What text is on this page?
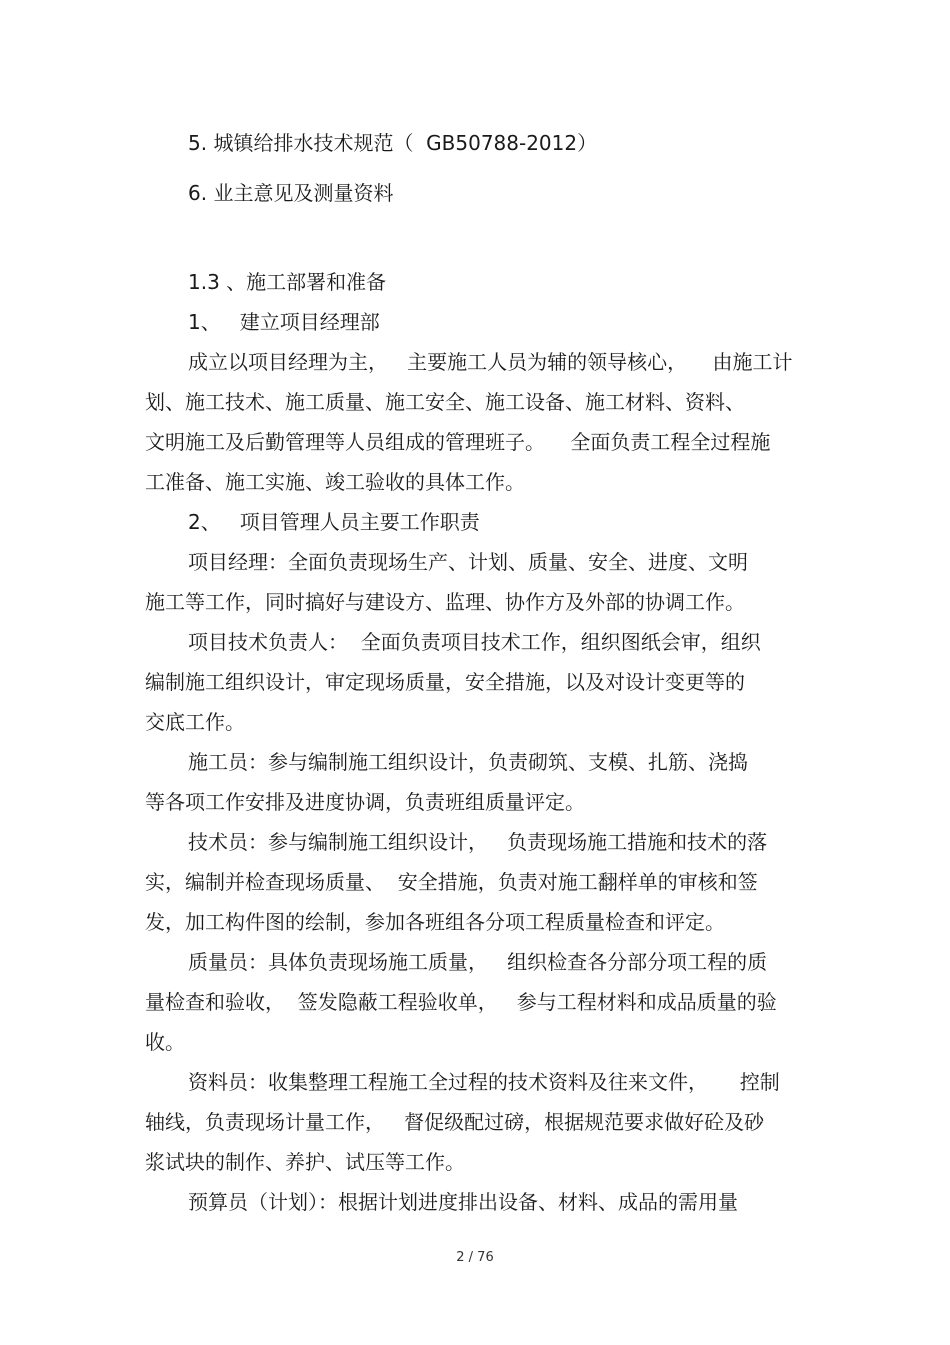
5. 城镇给排水技术规范（  GB50788-2012）
6. 业主意见及测量资料
1.3 、施工部署和准备
1、   建立项目经理部
成立以项目经理为主，   主要施工人员为辅的领导核心，    由施工计
划、施工技术、施工质量、施工安全、施工设备、施工材料、资料、
文明施工及后勤管理等人员组成的管理班子。    全面负责工程全过程施
工准备、施工实施、竣工验收的具体工作。
2、   项目管理人员主要工作职责
项目经理：全面负责现场生产、计划、质量、安全、进度、文明
施工等工作，同时搞好与建设方、监理、协作方及外部的协调工作。
项目技术负责人：  全面负责项目技术工作，组织图纸会审，组织
编制施工组织设计，审定现场质量，安全措施，以及对设计变更等的
交底工作。
施工员：参与编制施工组织设计，负责砌筑、支模、扎筋、浇捣
等各项工作安排及进度协调，负责班组质量评定。
技术员：参与编制施工组织设计，   负责现场施工措施和技术的落
实，编制并检查现场质量、  安全措施，负责对施工翻样单的审核和签
发，加工构件图的绘制，参加各班组各分项工程质量检查和评定。
质量员：具体负责现场施工质量，   组织检查各分部分项工程的质
量检查和验收，  签发隐蔽工程验收单，   参与工程材料和成品质量的验
收。
资料员：收集整理工程施工全过程的技术资料及往来文件，     控制
轴线，负责现场计量工作，   督促级配过磅，根据规范要求做好砼及砂
浆试块的制作、养护、试压等工作。
预算员（计划）：根据计划进度排出设备、材料、成品的需用量
2 / 76
